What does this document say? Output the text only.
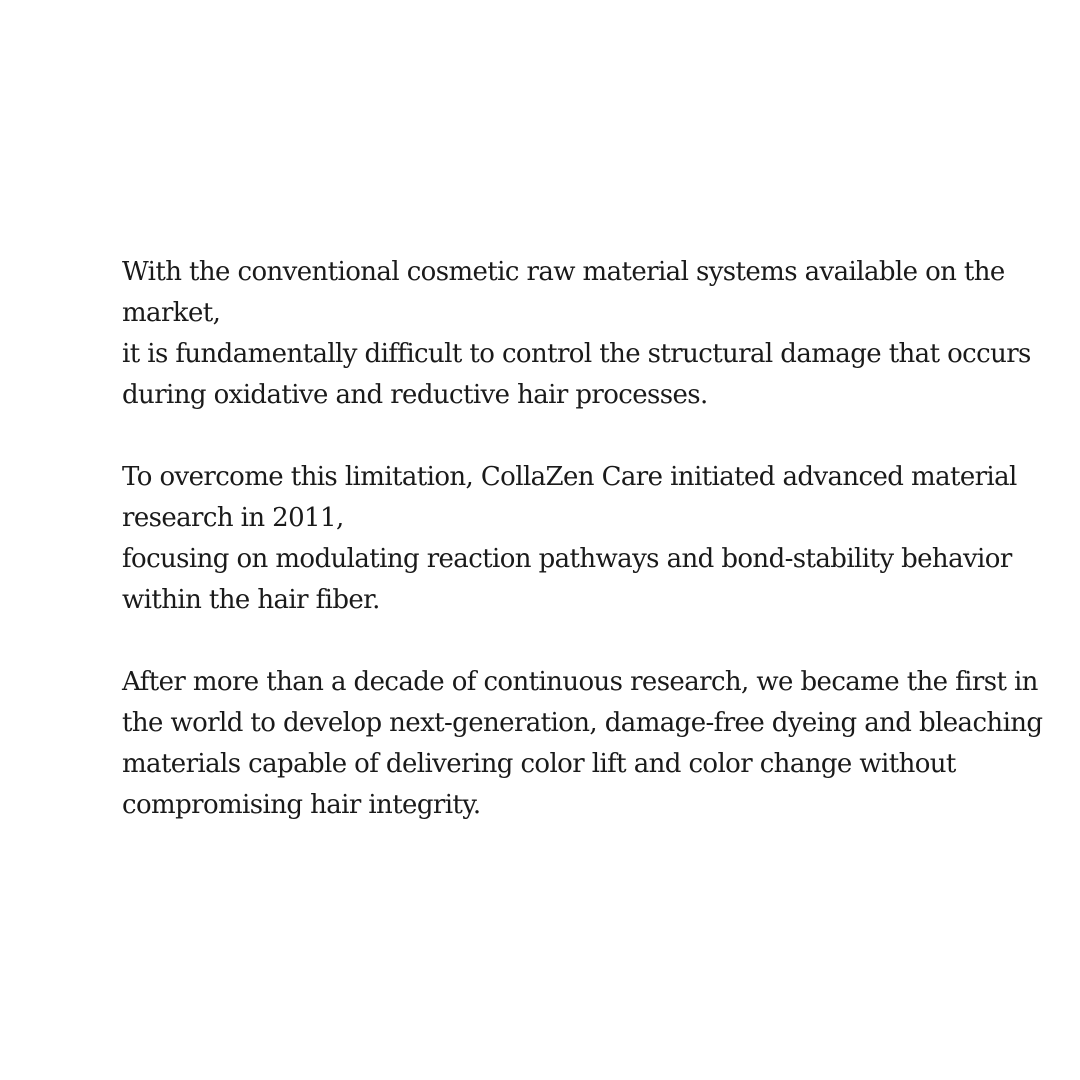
With the conventional cosmetic raw material systems available on the
market,
it is fundamentally difficult to control the structural damage that occurs
during oxidative and reductive hair processes.

To overcome this limitation, CollaZen Care initiated advanced material
research in 2011,
focusing on modulating reaction pathways and bond-stability behavior
within the hair fiber.

After more than a decade of continuous research, we became the first in
the world to develop next-generation, damage-free dyeing and bleaching
materials capable of delivering color lift and color change without
compromising hair integrity.
